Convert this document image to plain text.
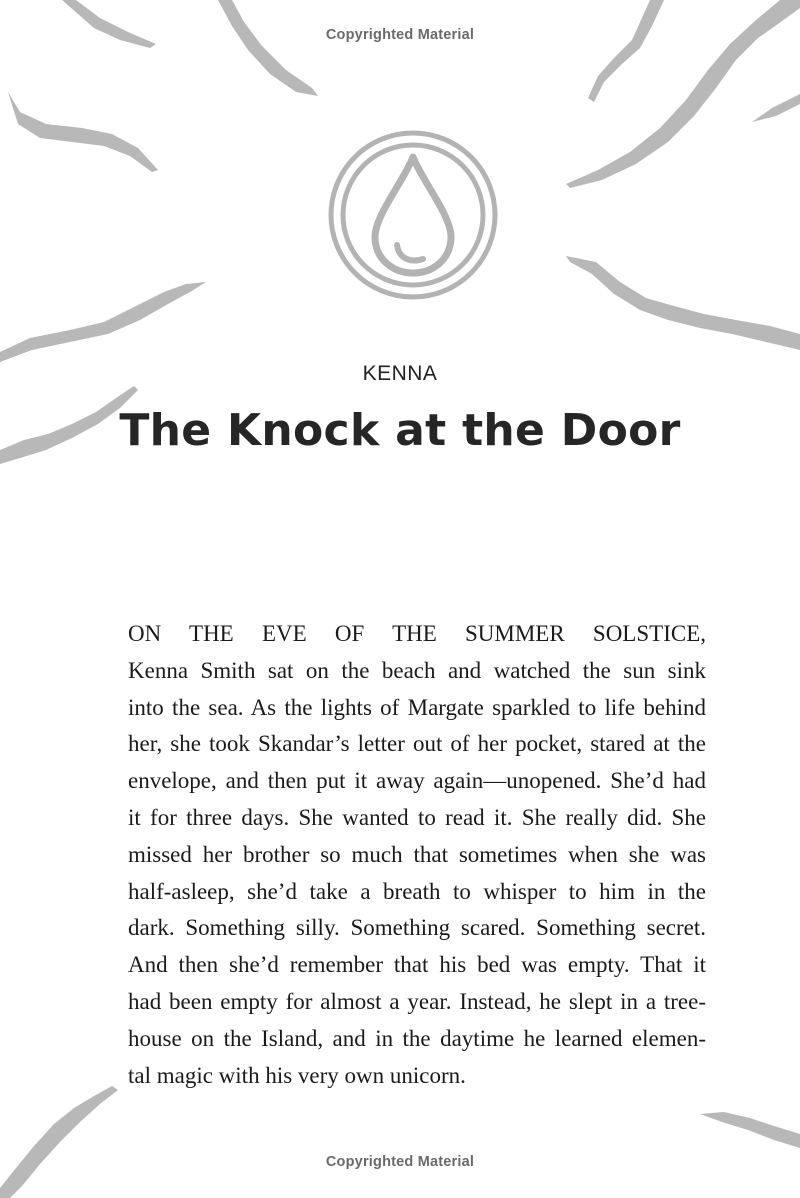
Copyrighted Material
KENNA
The Knock at the Door
ON THE EVE OF THE SUMMER SOLSTICE,
Kenna Smith sat on the beach and watched the sun sink
into the sea. As the lights of Margate sparkled to life behind
her, she took Skandar’s letter out of her pocket, stared at the
envelope, and then put it away again—unopened. She’d had
it for three days. She wanted to read it. She really did. She
missed her brother so much that sometimes when she was
half-asleep, she’d take a breath to whisper to him in the
dark. Something silly. Something scared. Something secret.
And then she’d remember that his bed was empty. That it
had been empty for almost a year. Instead, he slept in a tree-
house on the Island, and in the daytime he learned elemen-
tal magic with his very own unicorn.
Copyrighted Material
